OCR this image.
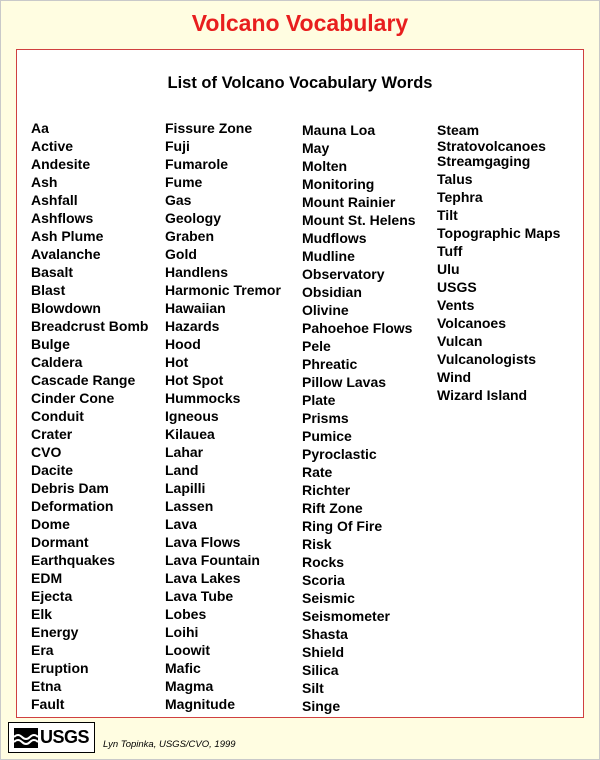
Volcano Vocabulary
List of Volcano Vocabulary Words
Aa
Active
Andesite
Ash
Ashfall
Ashflows
Ash Plume
Avalanche
Basalt
Blast
Blowdown
Breadcrust Bomb
Bulge
Caldera
Cascade Range
Cinder Cone
Conduit
Crater
CVO
Dacite
Debris Dam
Deformation
Dome
Dormant
Earthquakes
EDM
Ejecta
Elk
Energy
Era
Eruption
Etna
Fault
Fissure Zone
Fuji
Fumarole
Fume
Gas
Geology
Graben
Gold
Handlens
Harmonic Tremor
Hawaiian
Hazards
Hood
Hot
Hot Spot
Hummocks
Igneous
Kilauea
Lahar
Land
Lapilli
Lassen
Lava
Lava Flows
Lava Fountain
Lava Lakes
Lava Tube
Lobes
Loihi
Loowit
Mafic
Magma
Magnitude
Mauna Loa
May
Molten
Monitoring
Mount Rainier
Mount St. Helens
Mudflows
Mudline
Observatory
Obsidian
Olivine
Pahoehoe Flows
Pele
Phreatic
Pillow Lavas
Plate
Prisms
Pumice
Pyroclastic
Rate
Richter
Rift Zone
Ring Of Fire
Risk
Rocks
Scoria
Seismic
Seismometer
Shasta
Shield
Silica
Silt
Singe
Steam
Stratovolcanoes
Streamgaging
Talus
Tephra
Tilt
Topographic Maps
Tuff
Ulu
USGS
Vents
Volcanoes
Vulcan
Vulcanologists
Wind
Wizard Island
USGS Lyn Topinka, USGS/CVO, 1999
